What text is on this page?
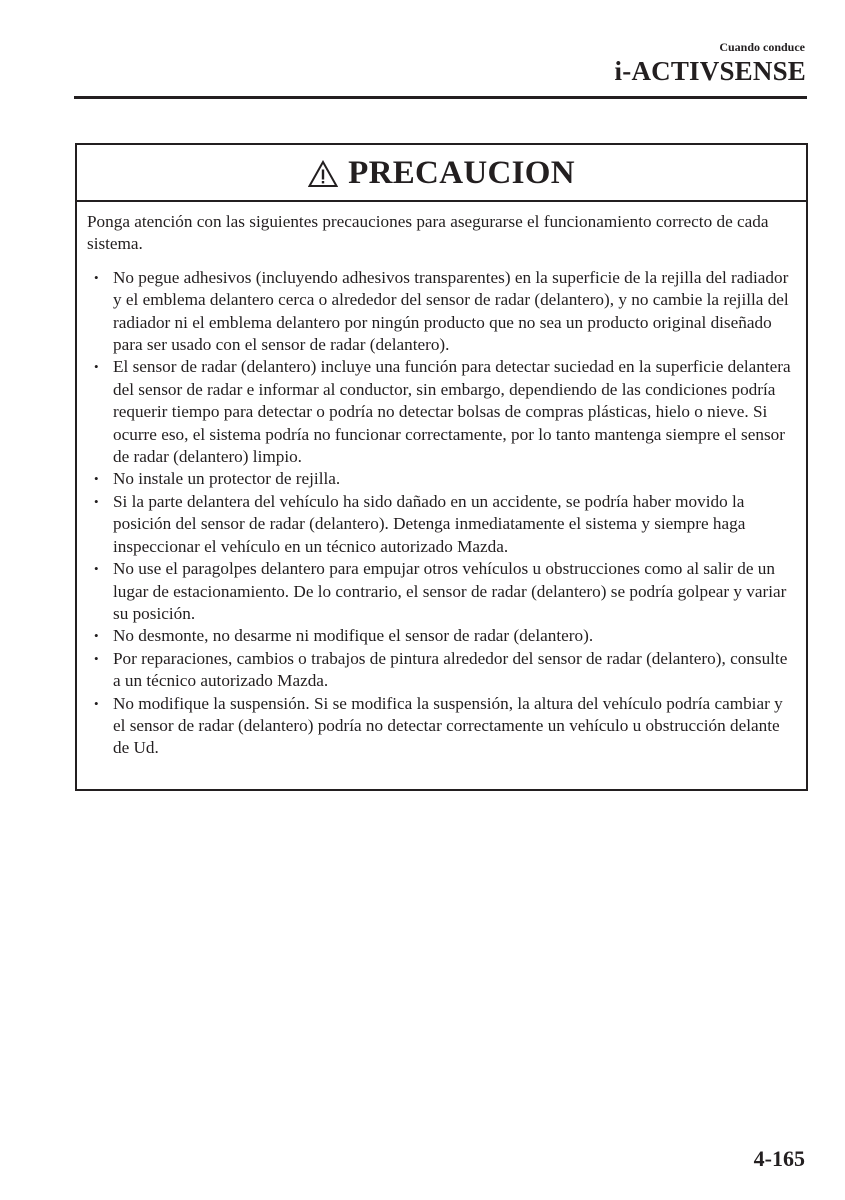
Cuando conduce
i-ACTIVSENSE
PRECAUCION

Ponga atención con las siguientes precauciones para asegurarse el funcionamiento correcto de cada sistema.

• No pegue adhesivos (incluyendo adhesivos transparentes) en la superficie de la rejilla del radiador y el emblema delantero cerca o alrededor del sensor de radar (delantero), y no cambie la rejilla del radiador ni el emblema delantero por ningún producto que no sea un producto original diseñado para ser usado con el sensor de radar (delantero).
• El sensor de radar (delantero) incluye una función para detectar suciedad en la superficie delantera del sensor de radar e informar al conductor, sin embargo, dependiendo de las condiciones podría requerir tiempo para detectar o podría no detectar bolsas de compras plásticas, hielo o nieve. Si ocurre eso, el sistema podría no funcionar correctamente, por lo tanto mantenga siempre el sensor de radar (delantero) limpio.
• No instale un protector de rejilla.
• Si la parte delantera del vehículo ha sido dañado en un accidente, se podría haber movido la posición del sensor de radar (delantero). Detenga inmediatamente el sistema y siempre haga inspeccionar el vehículo en un técnico autorizado Mazda.
• No use el paragolpes delantero para empujar otros vehículos u obstrucciones como al salir de un lugar de estacionamiento. De lo contrario, el sensor de radar (delantero) se podría golpear y variar su posición.
• No desmonte, no desarme ni modifique el sensor de radar (delantero).
• Por reparaciones, cambios o trabajos de pintura alrededor del sensor de radar (delantero), consulte a un técnico autorizado Mazda.
• No modifique la suspensión. Si se modifica la suspensión, la altura del vehículo podría cambiar y el sensor de radar (delantero) podría no detectar correctamente un vehículo u obstrucción delante de Ud.
4-165
